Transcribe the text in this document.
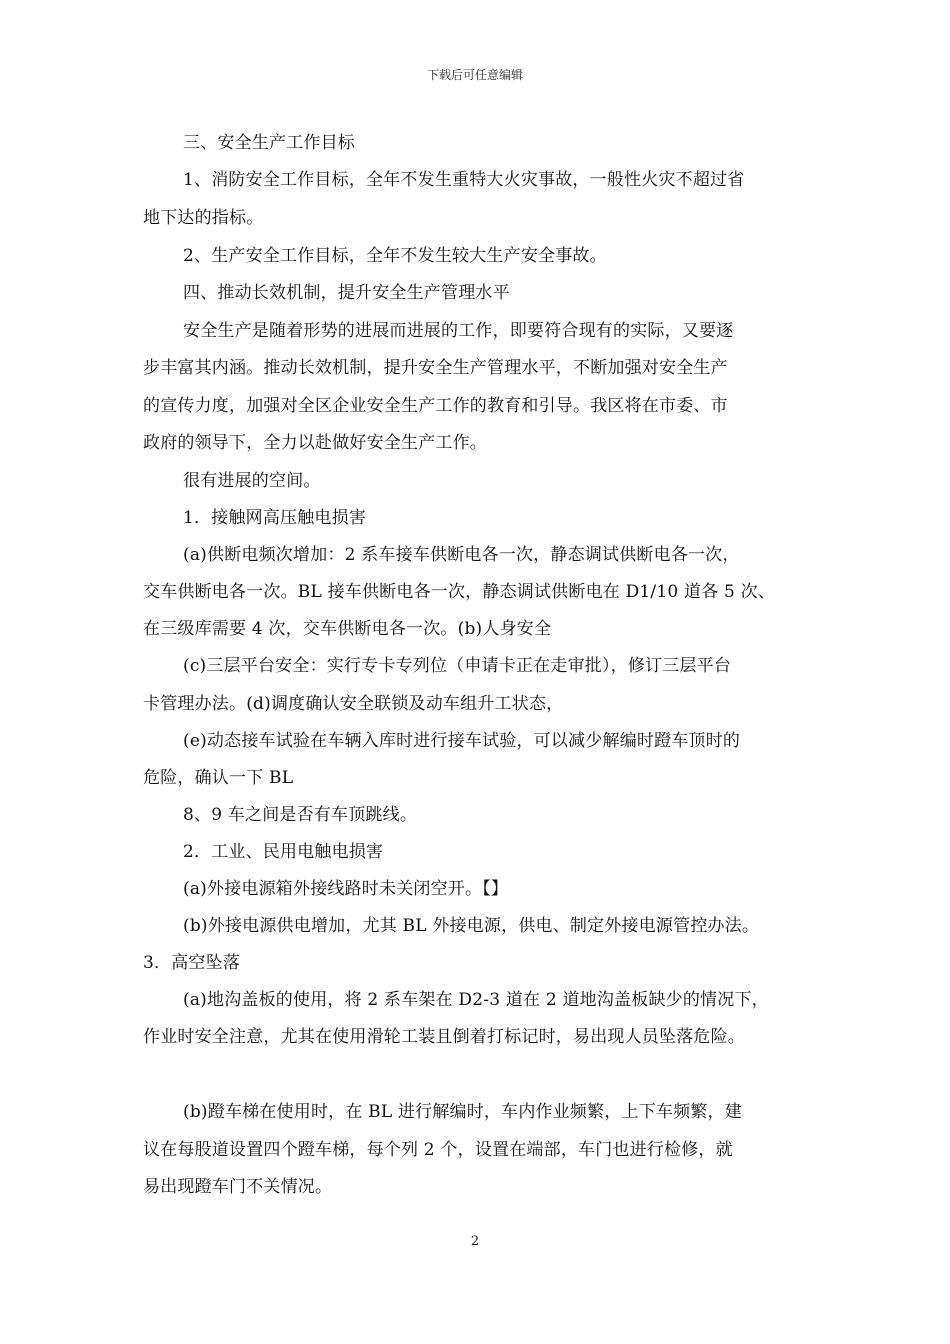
下载后可任意编辑
三、安全生产工作目标
1、消防安全工作目标，全年不发生重特大火灾事故，一般性火灾不超过省
地下达的指标。
2、生产安全工作目标，全年不发生较大生产安全事故。
四、推动长效机制，提升安全生产管理水平
安全生产是随着形势的进展而进展的工作，即要符合现有的实际，又要逐
步丰富其内涵。推动长效机制，提升安全生产管理水平，不断加强对安全生产
的宣传力度，加强对全区企业安全生产工作的教育和引导。我区将在市委、市
政府的领导下，全力以赴做好安全生产工作。
很有进展的空间。
1．接触网高压触电损害
(a)供断电频次增加：2 系车接车供断电各一次，静态调试供断电各一次，
交车供断电各一次。BL 接车供断电各一次，静态调试供断电在 D1/10 道各 5 次、
在三级库需要 4 次，交车供断电各一次。(b)人身安全
(c)三层平台安全：实行专卡专列位（申请卡正在走审批），修订三层平台
卡管理办法。(d)调度确认安全联锁及动车组升工状态，
(e)动态接车试验在车辆入库时进行接车试验，可以减少解编时蹬车顶时的
危险，确认一下 BL
8、9 车之间是否有车顶跳线。
2．工业、民用电触电损害
(a)外接电源箱外接线路时未关闭空开。【】
(b)外接电源供电增加，尤其 BL 外接电源，供电、制定外接电源管控办法。
3．高空坠落
(a)地沟盖板的使用，将 2 系车架在 D2-3 道在 2 道地沟盖板缺少的情况下，
作业时安全注意，尤其在使用滑轮工装且倒着打标记时，易出现人员坠落危险。
(b)蹬车梯在使用时，在 BL 进行解编时，车内作业频繁，上下车频繁，建
议在每股道设置四个蹬车梯，每个列 2 个，设置在端部，车门也进行检修，就
易出现蹬车门不关情况。
2
